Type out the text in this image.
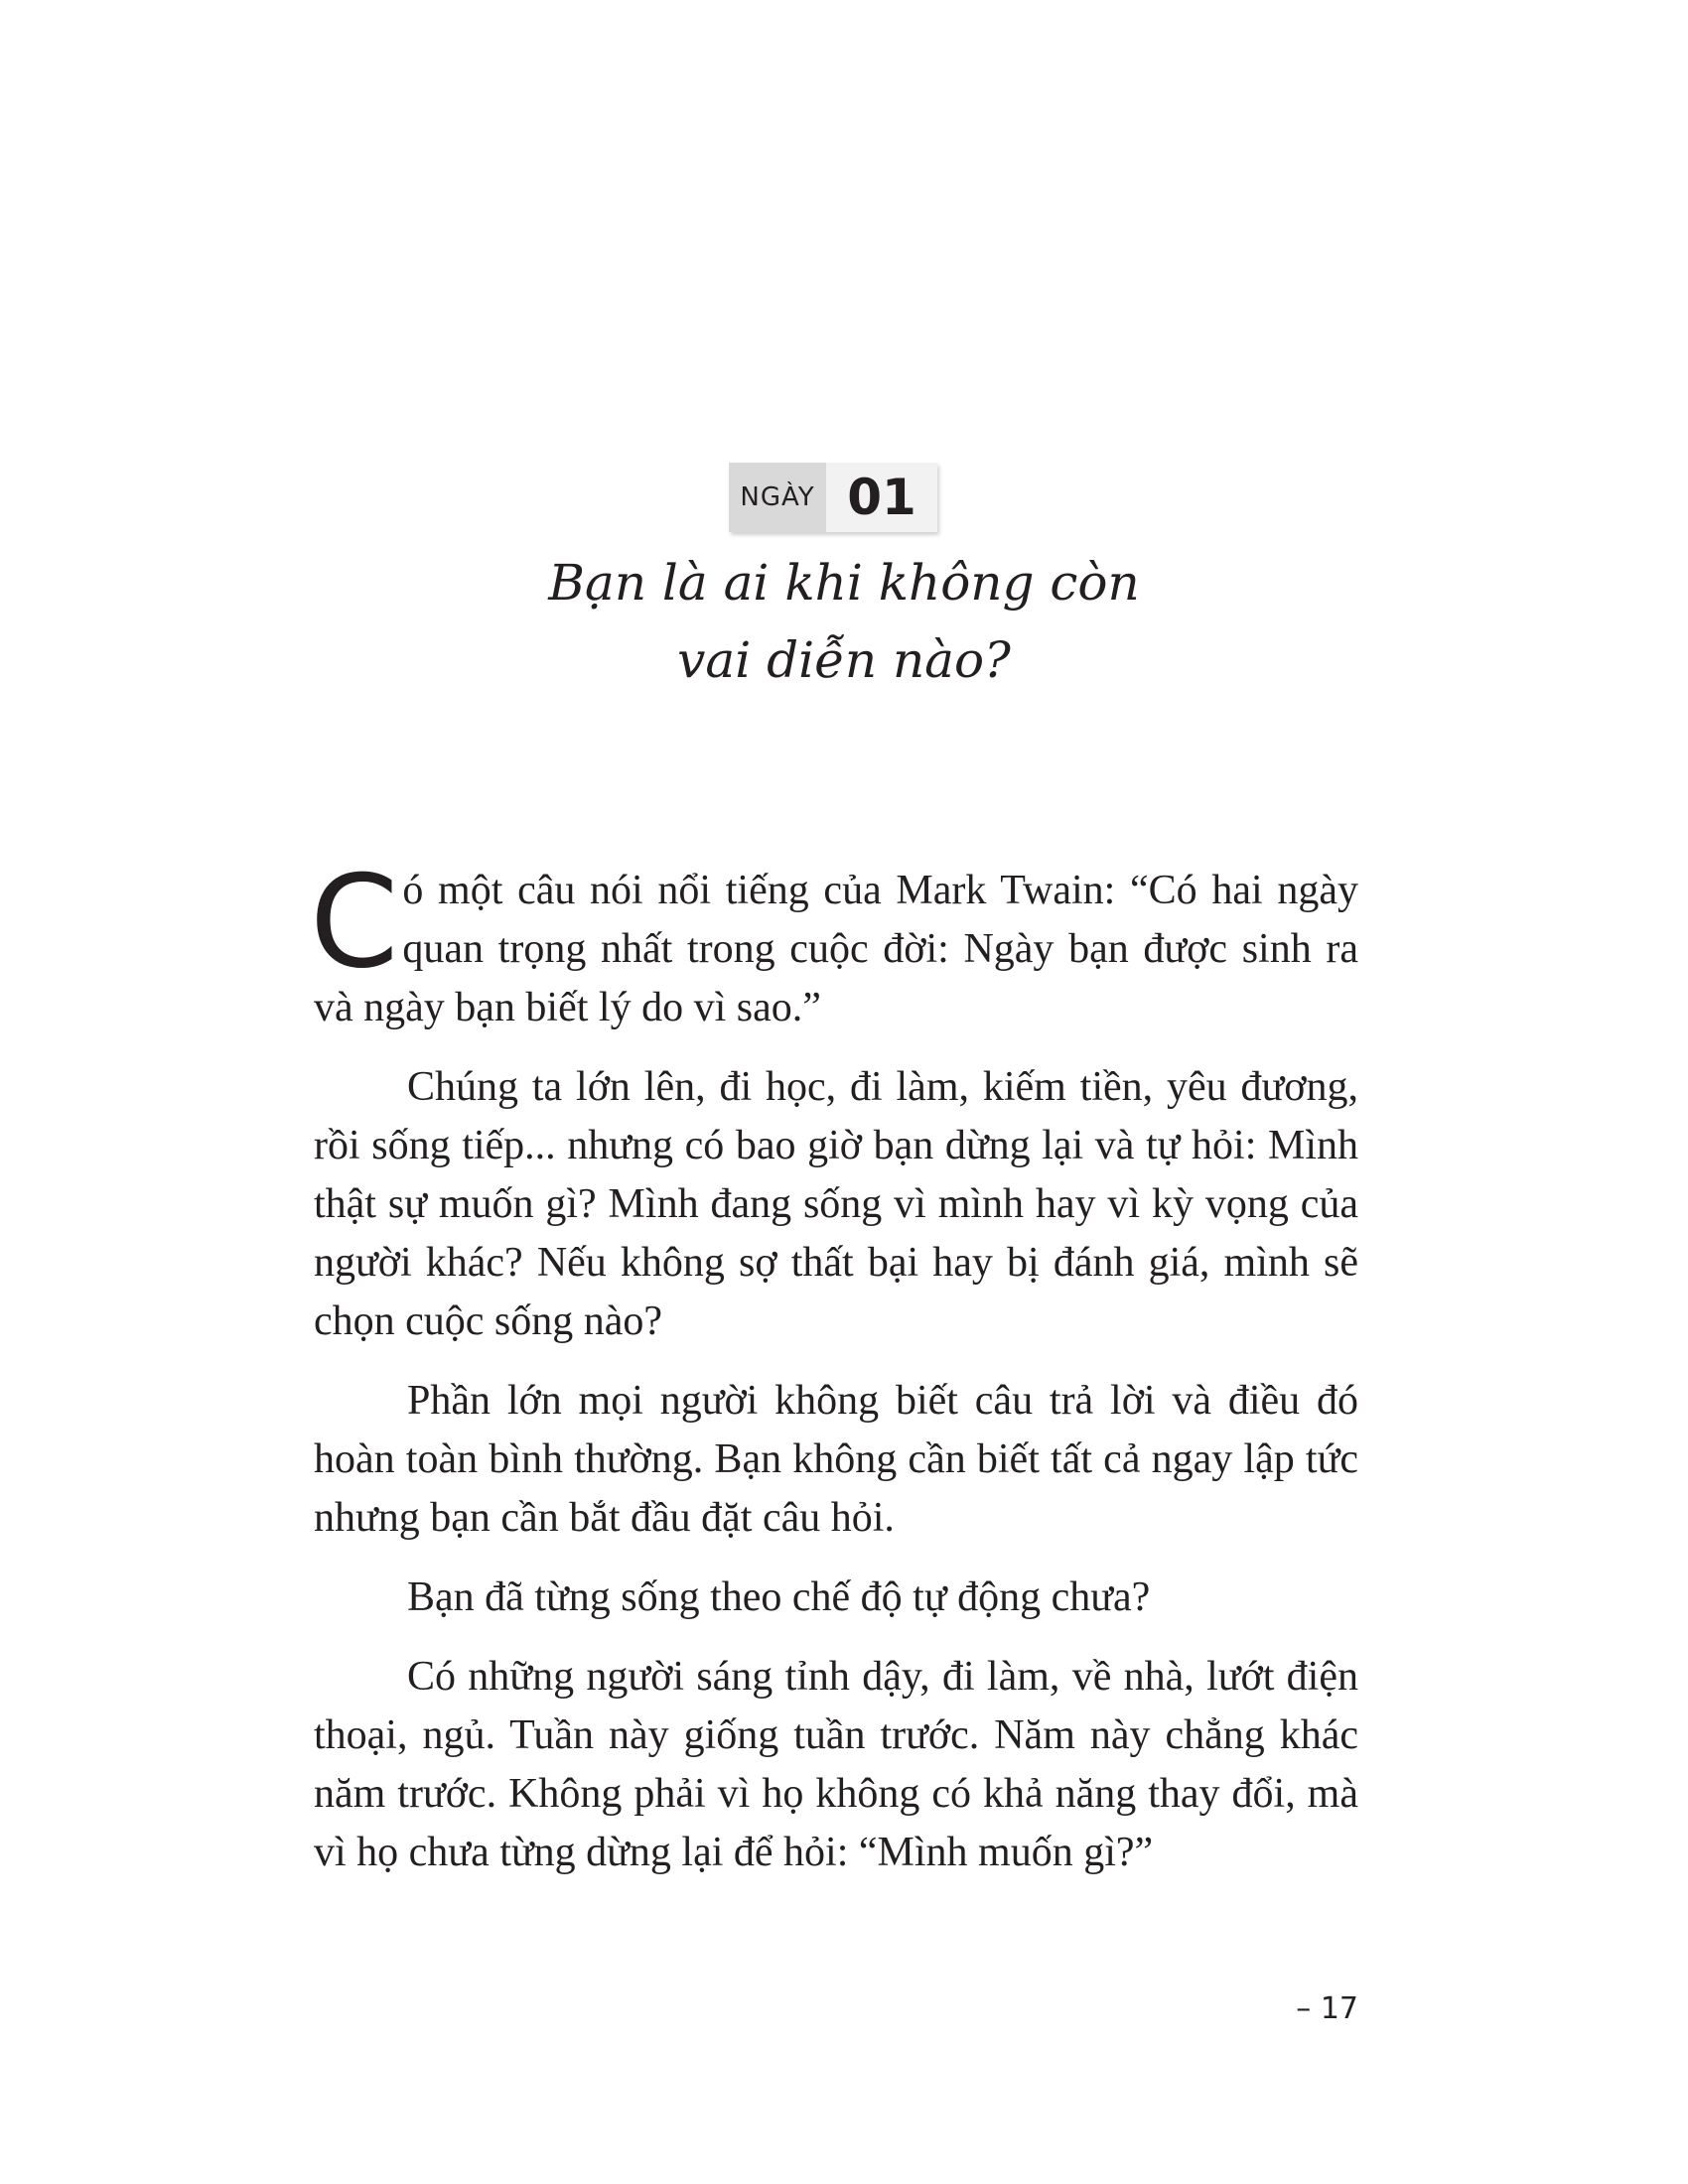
NGÀY 01
Bạn là ai khi không còn
vai diễn nào?

Có một câu nói nổi tiếng của Mark Twain: “Có hai ngày quan trọng nhất trong cuộc đời: Ngày bạn được sinh ra và ngày bạn biết lý do vì sao.”

Chúng ta lớn lên, đi học, đi làm, kiếm tiền, yêu đương, rồi sống tiếp... nhưng có bao giờ bạn dừng lại và tự hỏi: Mình thật sự muốn gì? Mình đang sống vì mình hay vì kỳ vọng của người khác? Nếu không sợ thất bại hay bị đánh giá, mình sẽ chọn cuộc sống nào?

Phần lớn mọi người không biết câu trả lời và điều đó hoàn toàn bình thường. Bạn không cần biết tất cả ngay lập tức nhưng bạn cần bắt đầu đặt câu hỏi.

Bạn đã từng sống theo chế độ tự động chưa?

Có những người sáng tỉnh dậy, đi làm, về nhà, lướt điện thoại, ngủ. Tuần này giống tuần trước. Năm này chẳng khác năm trước. Không phải vì họ không có khả năng thay đổi, mà vì họ chưa từng dừng lại để hỏi: “Mình muốn gì?”

– 17
